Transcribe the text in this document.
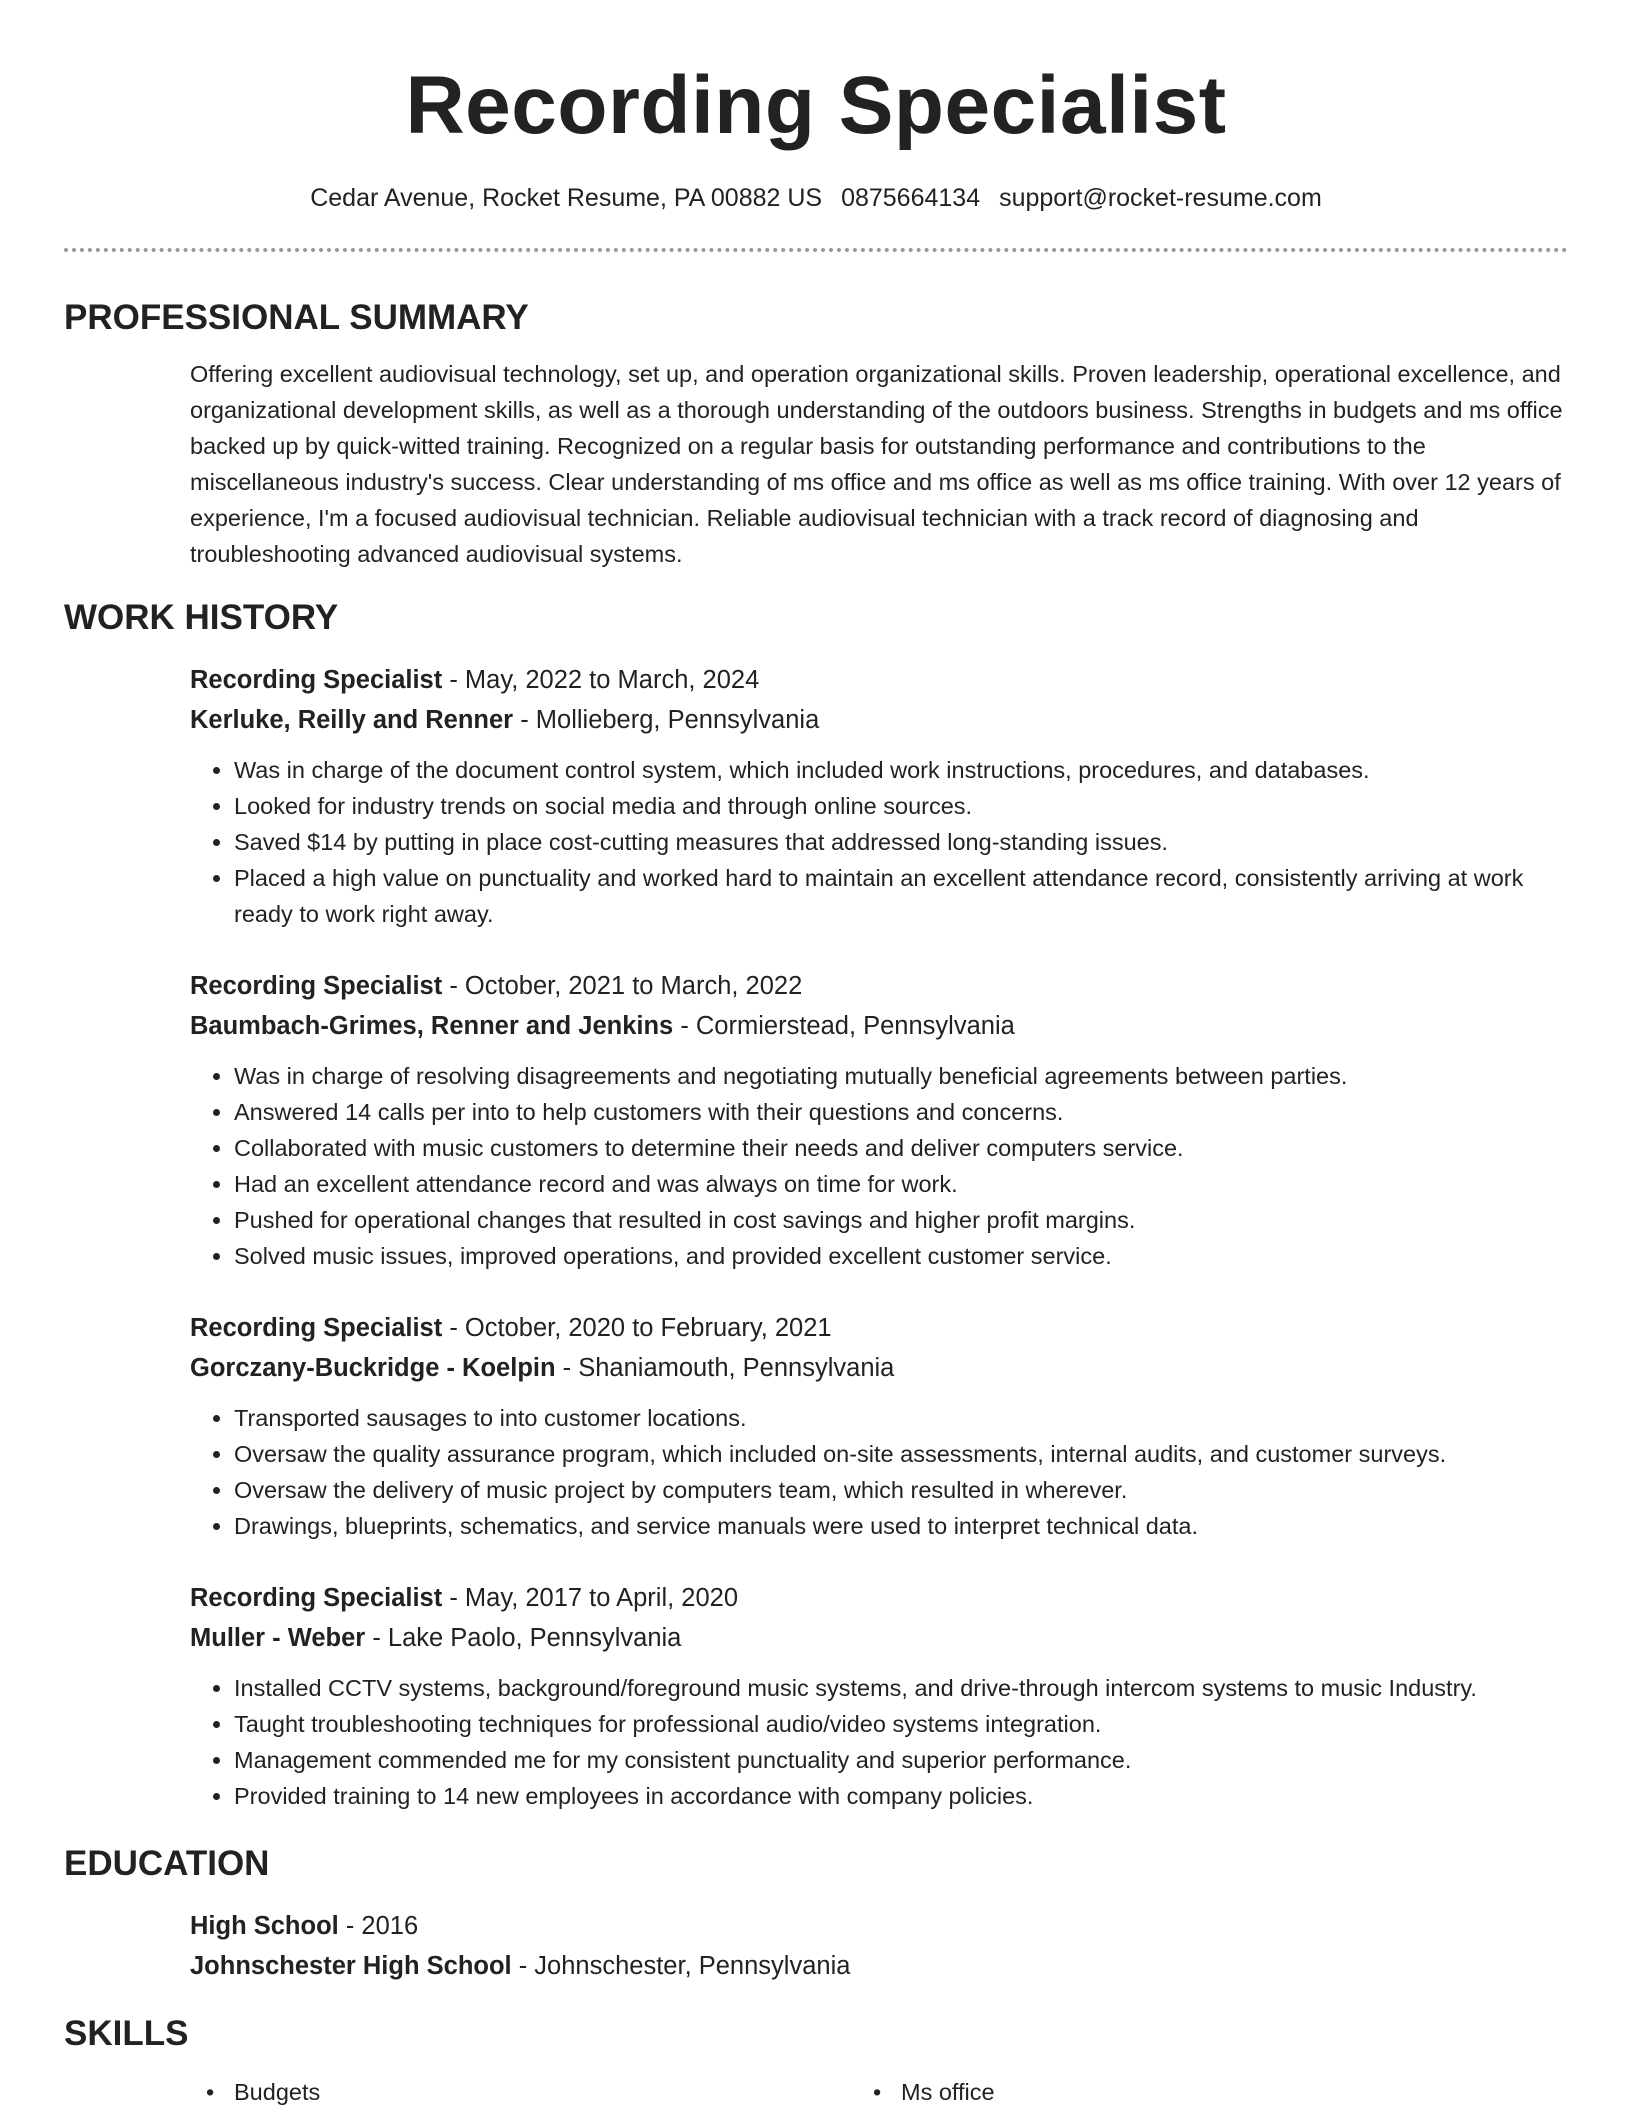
Recording Specialist
Cedar Avenue, Rocket Resume, PA 00882 US 0875664134 support@rocket-resume.com
PROFESSIONAL SUMMARY

Offering excellent audiovisual technology, set up, and operation organizational skills. Proven leadership, operational excellence, and organizational development skills, as well as a thorough understanding of the outdoors business. Strengths in budgets and ms office backed up by quick-witted training. Recognized on a regular basis for outstanding performance and contributions to the miscellaneous industry's success. Clear understanding of ms office and ms office as well as ms office training. With over 12 years of experience, I'm a focused audiovisual technician. Reliable audiovisual technician with a track record of diagnosing and troubleshooting advanced audiovisual systems.

WORK HISTORY
Recording Specialist - May, 2022 to March, 2024
Kerluke, Reilly and Renner - Mollieberg, Pennsylvania
• Was in charge of the document control system, which included work instructions, procedures, and databases.
• Looked for industry trends on social media and through online sources.
• Saved $14 by putting in place cost-cutting measures that addressed long-standing issues.
• Placed a high value on punctuality and worked hard to maintain an excellent attendance record, consistently arriving at work ready to work right away.
Recording Specialist - October, 2021 to March, 2022
Baumbach-Grimes, Renner and Jenkins - Cormierstead, Pennsylvania
• Was in charge of resolving disagreements and negotiating mutually beneficial agreements between parties.
• Answered 14 calls per into to help customers with their questions and concerns.
• Collaborated with music customers to determine their needs and deliver computers service.
• Had an excellent attendance record and was always on time for work.
• Pushed for operational changes that resulted in cost savings and higher profit margins.
• Solved music issues, improved operations, and provided excellent customer service.
Recording Specialist - October, 2020 to February, 2021
Gorczany-Buckridge - Koelpin - Shaniamouth, Pennsylvania
• Transported sausages to into customer locations.
• Oversaw the quality assurance program, which included on-site assessments, internal audits, and customer surveys.
• Oversaw the delivery of music project by computers team, which resulted in wherever.
• Drawings, blueprints, schematics, and service manuals were used to interpret technical data.
Recording Specialist - May, 2017 to April, 2020
Muller - Weber - Lake Paolo, Pennsylvania
• Installed CCTV systems, background/foreground music systems, and drive-through intercom systems to music Industry.
• Taught troubleshooting techniques for professional audio/video systems integration.
• Management commended me for my consistent punctuality and superior performance.
• Provided training to 14 new employees in accordance with company policies.
EDUCATION
High School - 2016
Johnschester High School - Johnschester, Pennsylvania
SKILLS
• Budgets
•	Ms office
